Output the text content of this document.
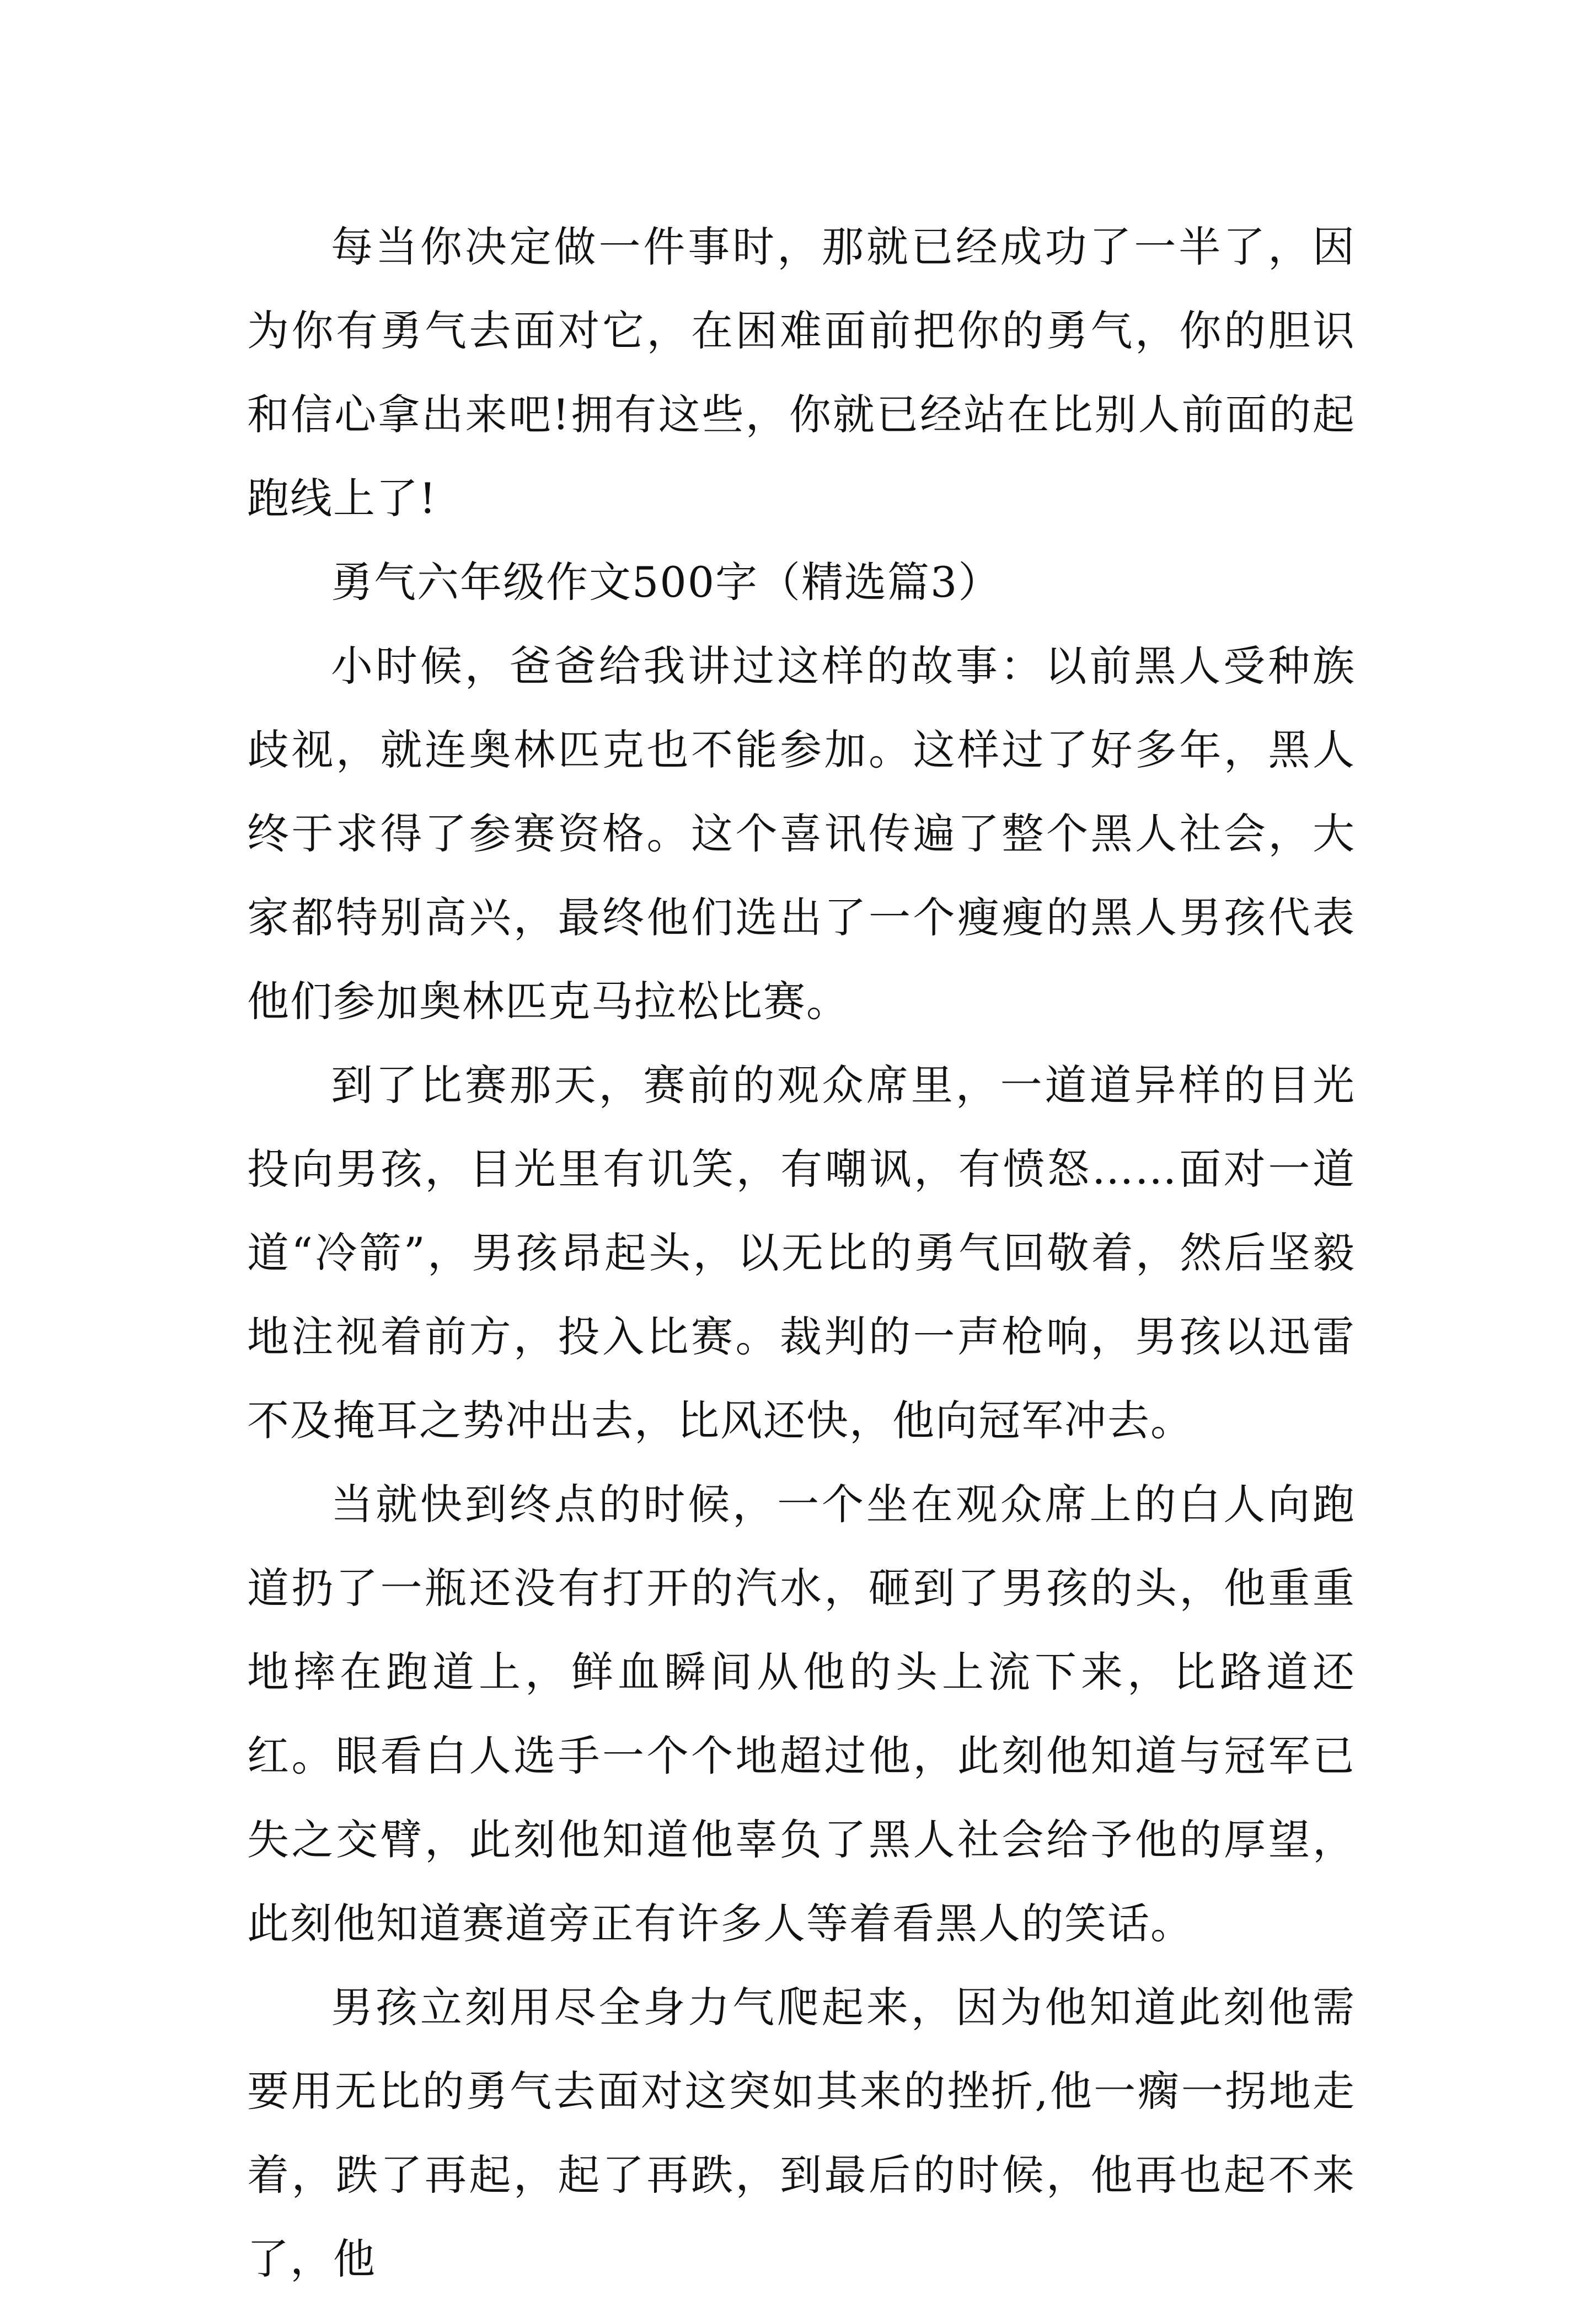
每当你决定做一件事时，那就已经成功了一半了，因为你有勇气去面对它，在困难面前把你的勇气，你的胆识和信心拿出来吧!拥有这些，你就已经站在比别人前面的起跑线上了!

勇气六年级作文500字（精选篇3）

小时候，爸爸给我讲过这样的故事：以前黑人受种族歧视，就连奥林匹克也不能参加。这样过了好多年，黑人终于求得了参赛资格。这个喜讯传遍了整个黑人社会，大家都特别高兴，最终他们选出了一个瘦瘦的黑人男孩代表他们参加奥林匹克马拉松比赛。

到了比赛那天，赛前的观众席里，一道道异样的目光投向男孩，目光里有讥笑，有嘲讽，有愤怒……面对一道道“冷箭”，男孩昂起头，以无比的勇气回敬着，然后坚毅地注视着前方，投入比赛。裁判的一声枪响，男孩以迅雷不及掩耳之势冲出去，比风还快，他向冠军冲去。

当就快到终点的时候，一个坐在观众席上的白人向跑道扔了一瓶还没有打开的汽水，砸到了男孩的头，他重重地摔在跑道上，鲜血瞬间从他的头上流下来，比路道还红。眼看白人选手一个个地超过他，此刻他知道与冠军已失之交臂，此刻他知道他辜负了黑人社会给予他的厚望，此刻他知道赛道旁正有许多人等着看黑人的笑话。

男孩立刻用尽全身力气爬起来，因为他知道此刻他需要用无比的勇气去面对这突如其来的挫折,他一瘸一拐地走着，跌了再起，起了再跌，到最后的时候，他再也起不来了，他
